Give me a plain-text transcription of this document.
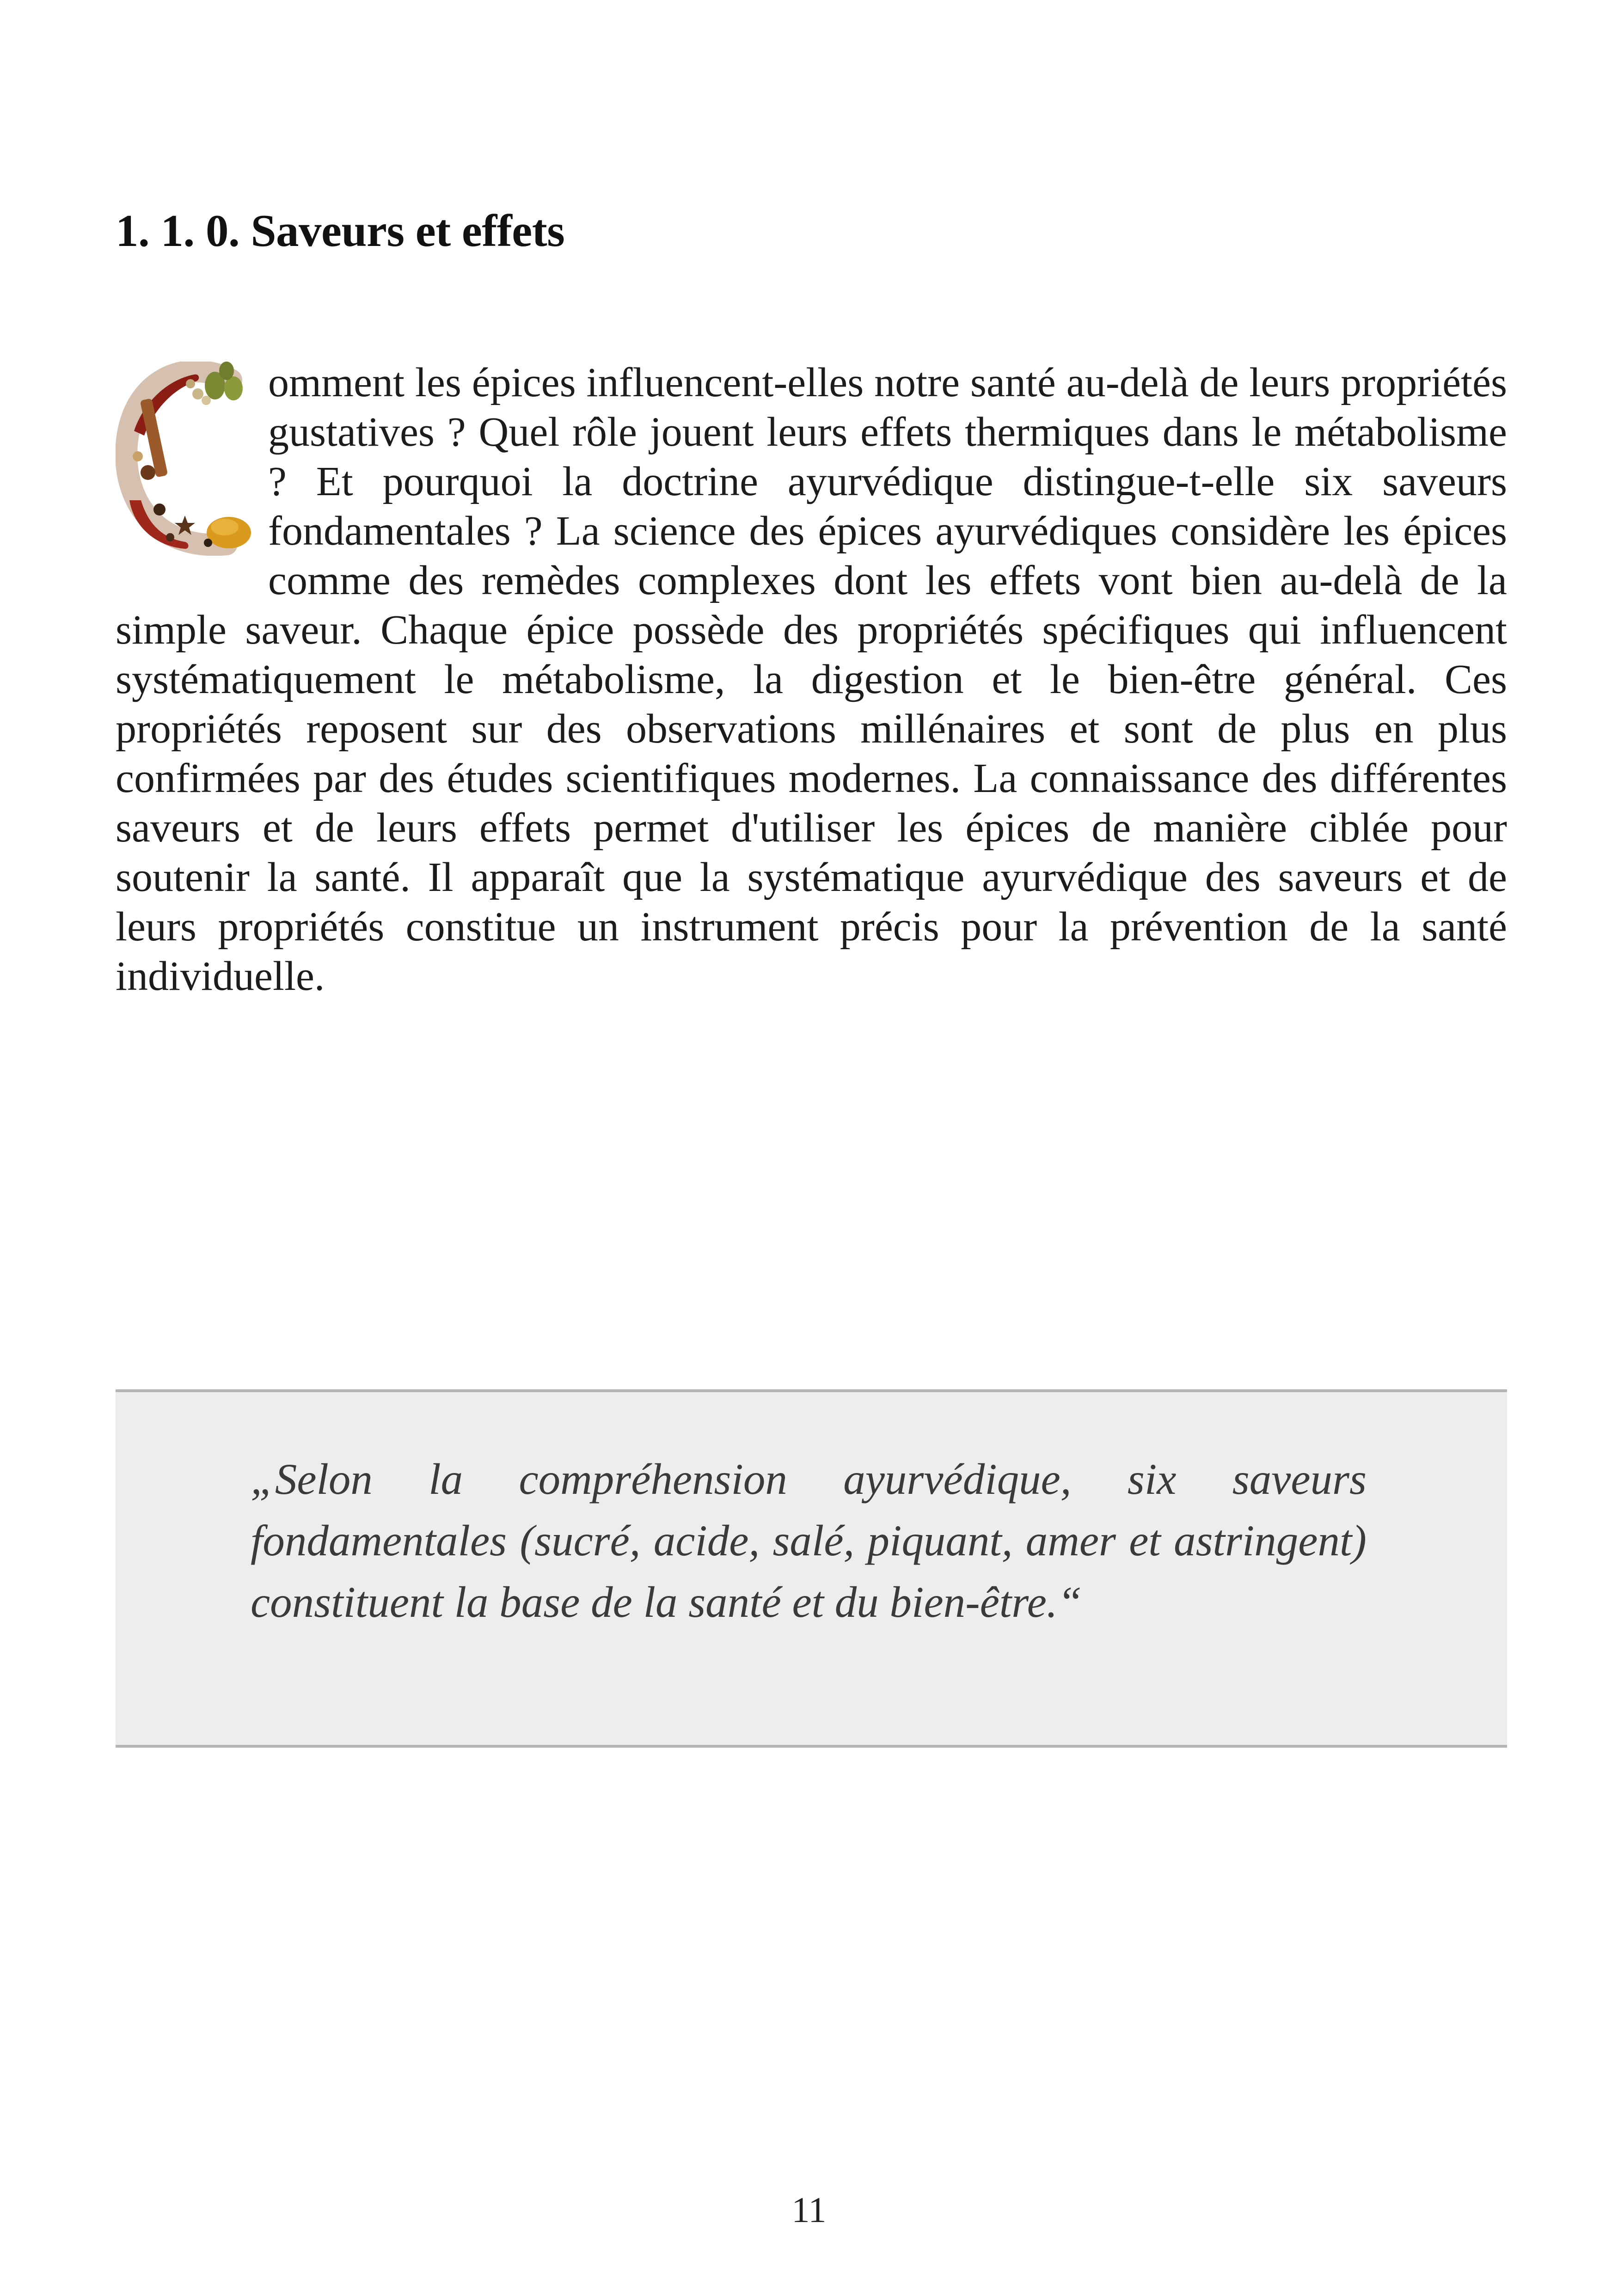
1. 1. 0. Saveurs et effets

omment les épices influencent-elles notre santé au-delà de leurs propriétés gustatives ? Quel rôle jouent leurs effets thermiques dans le métabolisme ? Et pourquoi la doctrine ayurvédique distingue-t-elle six saveurs fondamentales ? La science des épices ayurvédiques considère les épices comme des remèdes complexes dont les effets vont bien au-delà de la simple saveur. Chaque épice possède des propriétés spécifiques qui influencent systématiquement le métabolisme, la digestion et le bien-être général. Ces propriétés reposent sur des observations millénaires et sont de plus en plus confirmées par des études scientifiques modernes. La connaissance des différentes saveurs et de leurs effets permet d'utiliser les épices de manière ciblée pour soutenir la santé. Il apparaît que la systématique ayurvédique des saveurs et de leurs propriétés constitue un instrument précis pour la prévention de la santé individuelle.

„Selon la compréhension ayurvédique, six saveurs fondamentales (sucré, acide, salé, piquant, amer et astringent) constituent la base de la santé et du bien-être.“

11
